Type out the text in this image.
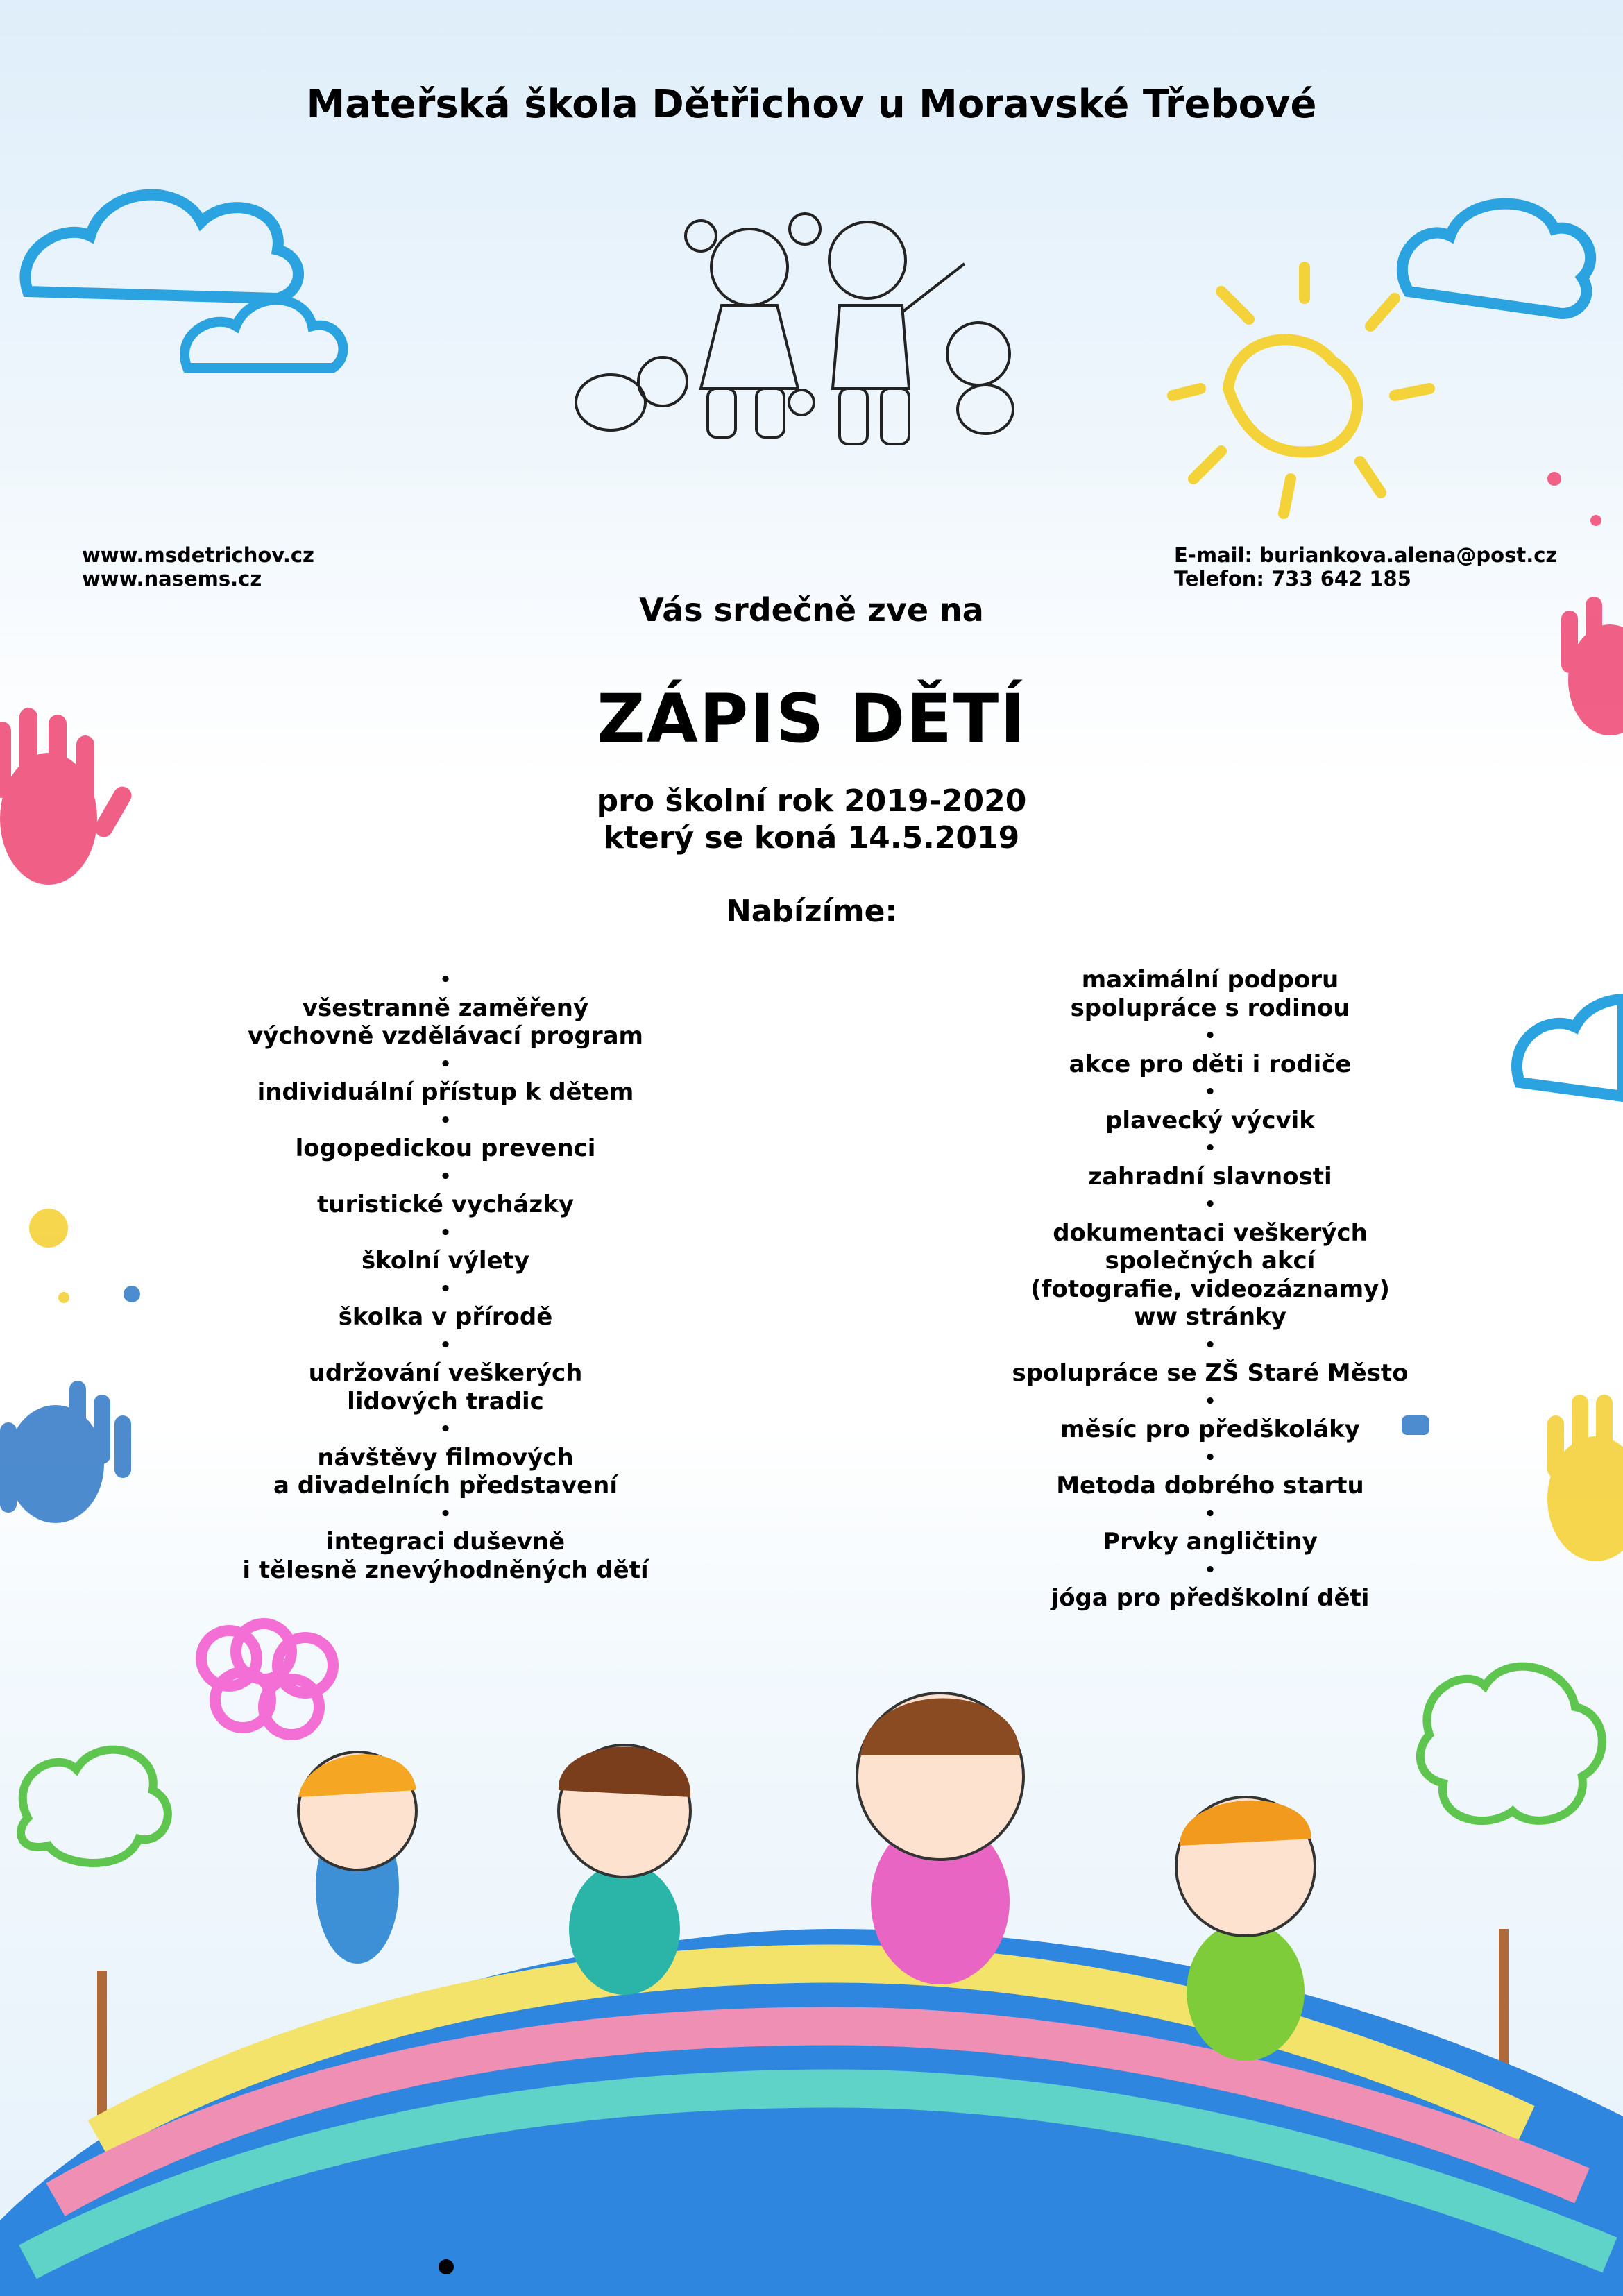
Mateřská škola Dětřichov u Moravské Třebové
www.msdetrichov.cz
www.nasems.cz
E-mail: buriankova.alena@post.cz
Telefon: 733 642 185
Vás srdečně zve na
ZÁPIS DĚTÍ
pro školní rok 2019-2020
který se koná 14.5.2019
Nabízíme:
•
všestranně zaměřený
výchovně vzdělávací program
•
individuální přístup k dětem
•
logopedickou prevenci
•
turistické vycházky
•
školní výlety
•
školka v přírodě
•
udržování veškerých
lidových tradic
•
návštěvy filmových
a divadelních představení
•
integraci duševně
i tělesně znevýhodněných dětí
maximální podporu
spolupráce s rodinou
•
akce pro děti i rodiče
•
plavecký výcvik
•
zahradní slavnosti
•
dokumentaci veškerých
společných akcí
(fotografie, videozáznamy)
ww stránky
•
spolupráce se ZŠ Staré Město
•
měsíc pro předškoláky
•
Metoda dobrého startu
•
Prvky angličtiny
•
jóga pro předškolní děti
